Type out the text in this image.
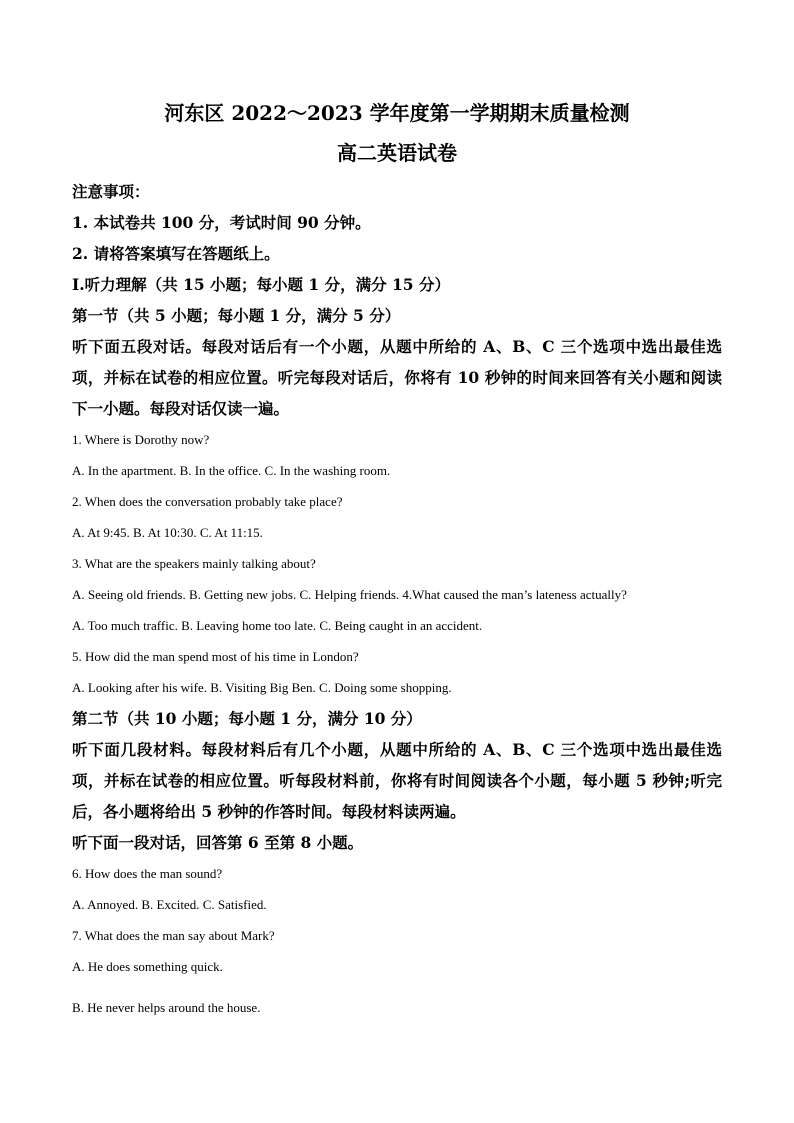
河东区 2022～2023 学年度第一学期期末质量检测
高二英语试卷

注意事项：

1. 本试卷共 100 分，考试时间 90 分钟。

2. 请将答案填写在答题纸上。

Ⅰ.听力理解（共 15 小题；每小题 1 分，满分 15 分）

第一节（共 5 小题；每小题 1 分，满分 5 分）

听下面五段对话。每段对话后有一个小题，从题中所给的 A、B、C 三个选项中选出最佳选项，并标在试卷的相应位置。听完每段对话后，你将有 10 秒钟的时间来回答有关小题和阅读下一小题。每段对话仅读一遍。

1. Where is Dorothy now?

A. In the apartment. B. In the office. C. In the washing room.

2. When does the conversation probably take place?

A. At 9:45. B. At 10:30. C. At 11:15.

3. What are the speakers mainly talking about?

A. Seeing old friends. B. Getting new jobs. C. Helping friends. 4.What caused the man’s lateness actually?

A. Too much traffic. B. Leaving home too late. C. Being caught in an accident.

5. How did the man spend most of his time in London?

A. Looking after his wife. B. Visiting Big Ben. C. Doing some shopping.

第二节（共 10 小题；每小题 1 分，满分 10 分）

听下面几段材料。每段材料后有几个小题，从题中所给的 A、B、C 三个选项中选出最佳选项，并标在试卷的相应位置。听每段材料前，你将有时间阅读各个小题，每小题 5 秒钟;听完后，各小题将给出 5 秒钟的作答时间。每段材料读两遍。

听下面一段对话，回答第 6 至第 8 小题。

6. How does the man sound?

A. Annoyed. B. Excited. C. Satisfied.

7. What does the man say about Mark?

A. He does something quick.

B. He never helps around the house.
